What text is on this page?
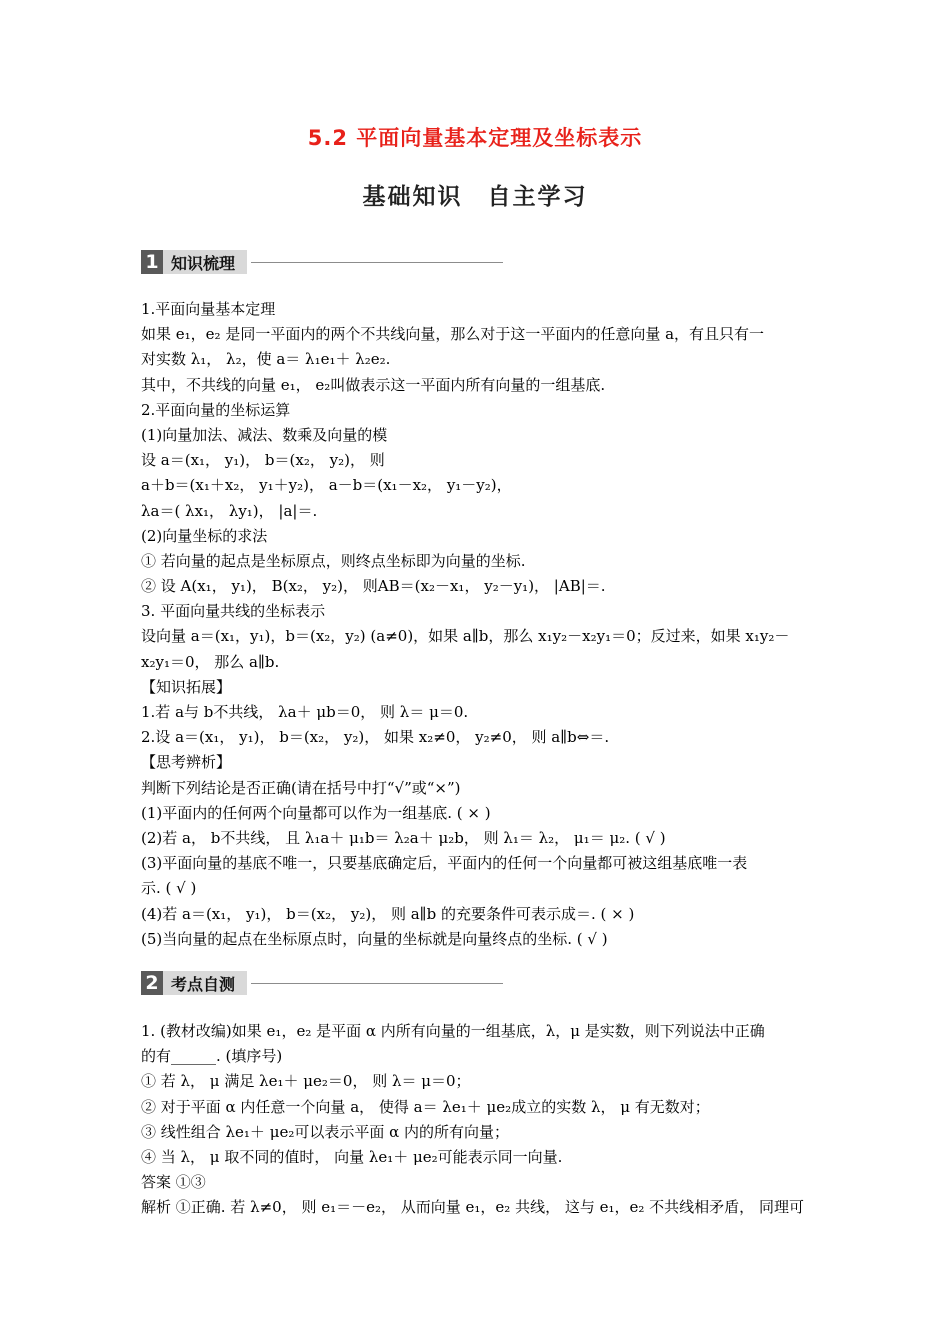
5.2 平面向量基本定理及坐标表示
基础知识　自主学习
1 知识梳理
1.平面向量基本定理
如果 e₁，e₂ 是同一平面内的两个不共线向量，那么对于这一平面内的任意向量 a，有且只有一
对实数 λ₁， λ₂，使 a＝ λ₁e₁＋ λ₂e₂.
其中，不共线的向量 e₁， e₂叫做表示这一平面内所有向量的一组基底.
2.平面向量的坐标运算
(1)向量加法、减法、数乘及向量的模
设 a＝(x₁， y₁)， b＝(x₂， y₂)， 则
a＋b＝(x₁＋x₂， y₁＋y₂)， a－b＝(x₁－x₂， y₁－y₂)，
λa＝( λx₁， λy₁)， |a|＝.
(2)向量坐标的求法
① 若向量的起点是坐标原点，则终点坐标即为向量的坐标.
② 设 A(x₁， y₁)， B(x₂， y₂)， 则AB＝(x₂－x₁， y₂－y₁)， |AB|＝.
3. 平面向量共线的坐标表示
设向量 a＝(x₁，y₁)，b＝(x₂，y₂) (a≠0)，如果 a∥b，那么 x₁y₂－x₂y₁＝0；反过来，如果 x₁y₂－
x₂y₁＝0， 那么 a∥b.
【知识拓展】
1.若 a与 b不共线， λa＋ μb＝0， 则 λ＝ μ＝0.
2.设 a＝(x₁， y₁)， b＝(x₂， y₂)， 如果 x₂≠0， y₂≠0， 则 a∥b⇔＝.
【思考辨析】
判断下列结论是否正确(请在括号中打“√”或“×”)
(1)平面内的任何两个向量都可以作为一组基底. ( × )
(2)若 a， b不共线， 且 λ₁a＋ μ₁b＝ λ₂a＋ μ₂b， 则 λ₁＝ λ₂， μ₁＝ μ₂. ( √ )
(3)平面向量的基底不唯一，只要基底确定后，平面内的任何一个向量都可被这组基底唯一表
示. ( √ )
(4)若 a＝(x₁， y₁)， b＝(x₂， y₂)， 则 a∥b 的充要条件可表示成＝. ( × )
(5)当向量的起点在坐标原点时，向量的坐标就是向量终点的坐标. ( √ )
2 考点自测
1. (教材改编)如果 e₁，e₂ 是平面 α 内所有向量的一组基底，λ，μ 是实数，则下列说法中正确
的有______. (填序号)
① 若 λ， μ 满足 λe₁＋ μe₂＝0， 则 λ＝ μ＝0；
② 对于平面 α 内任意一个向量 a， 使得 a＝ λe₁＋ μe₂成立的实数 λ， μ 有无数对；
③ 线性组合 λe₁＋ μe₂可以表示平面 α 内的所有向量；
④ 当 λ， μ 取不同的值时， 向量 λe₁＋ μe₂可能表示同一向量.
答案 ①③
解析 ①正确. 若 λ≠0， 则 e₁＝－e₂， 从而向量 e₁，e₂ 共线， 这与 e₁，e₂ 不共线相矛盾， 同理可
